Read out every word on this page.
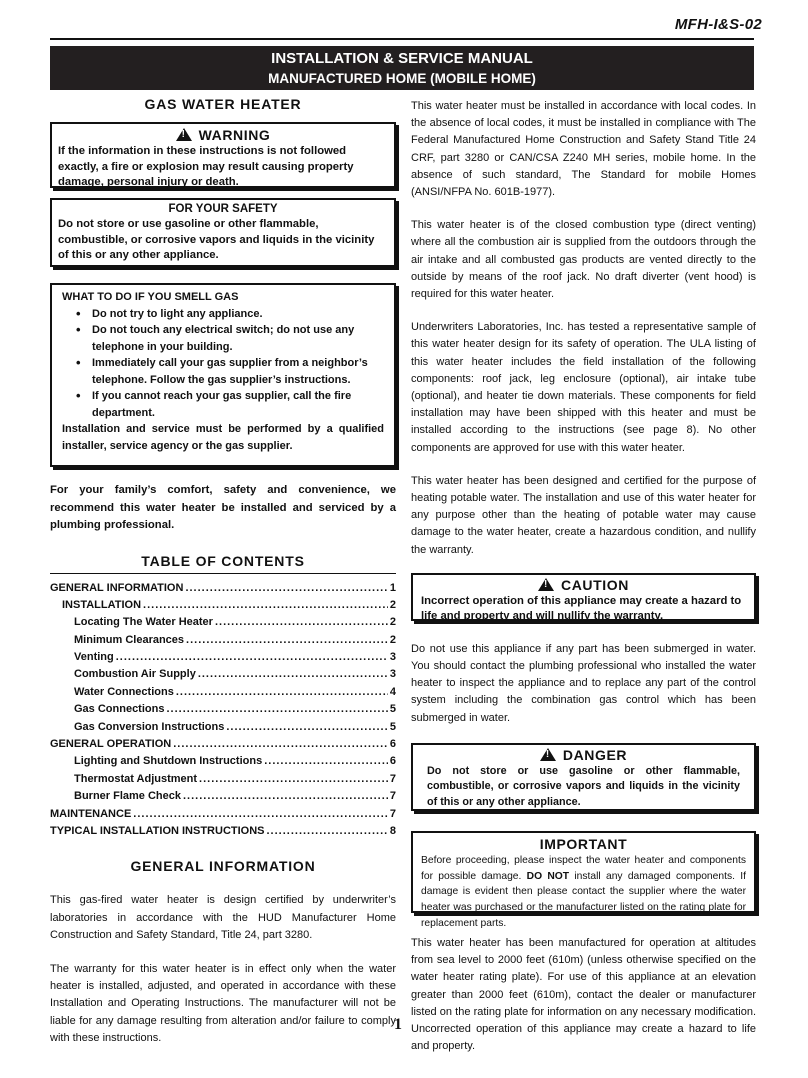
MFH-I&S-02
INSTALLATION & SERVICE MANUAL
MANUFACTURED HOME (MOBILE HOME)
GAS WATER HEATER
!WARNING
If the information in these instructions is not followed exactly, a fire or explosion may result causing property damage, personal injury or death.
FOR YOUR SAFETY
Do not store or use gasoline or other flammable, combustible, or corrosive vapors and liquids in the vicinity of this or any other appliance.
WHAT TO DO IF YOU SMELL GAS
• Do not try to light any appliance.
• Do not touch any electrical switch; do not use any telephone in your building.
• Immediately call your gas supplier from a neighbor’s telephone. Follow the gas supplier’s instructions.
• If you cannot reach your gas supplier, call the fire department.
Installation and service must be performed by a qualified installer, service agency or the gas supplier.
For your family’s comfort, safety and convenience, we recommend this water heater be installed and serviced by a plumbing professional.
TABLE OF CONTENTS
GENERAL INFORMATION .....	1
INSTALLATION .....	2
Locating The Water Heater .....	2
Minimum Clearances .....	2
Venting .....	3
Combustion Air Supply .....	3
Water Connections .....	4
Gas Connections .....	5
Gas Conversion Instructions .....	5
GENERAL OPERATION .....	6
Lighting and Shutdown Instructions .....	6
Thermostat Adjustment .....	7
Burner Flame Check .....	7
MAINTENANCE .....	7
TYPICAL INSTALLATION INSTRUCTIONS .....	8
GENERAL INFORMATION
This gas-fired water heater is design certified by underwriter’s laboratories in accordance with the HUD Manufacturer Home Construction and Safety Standard, Title 24, part 3280.
The warranty for this water heater is in effect only when the water heater is installed, adjusted, and operated in accordance with these Installation and Operating Instructions. The manufacturer will not be liable for any damage resulting from alteration and/or failure to comply with these instructions.
This water heater must be installed in accordance with local codes. In the absence of local codes, it must be installed in compliance with The Federal Manufactured Home Construction and Safety Stand Title 24 CRF, part 3280 or CAN/CSA Z240 MH series, mobile home. In the absence of such standard, The Standard for mobile Homes (ANSI/NFPA No. 601B-1977).
This water heater is of the closed combustion type (direct venting) where all the combustion air is supplied from the outdoors through the air intake and all combusted gas products are vented directly to the outside by means of the roof jack. No draft diverter (vent hood) is required for this water heater.
Underwriters Laboratories, Inc. has tested a representative sample of this water heater design for its safety of operation. The ULA listing of this water heater includes the field installation of the following components: roof jack, leg enclosure (optional), air intake tube (optional), and heater tie down materials. These components for field installation may have been shipped with this heater and must be installed according to the instructions (see page 8). No other components are approved for use with this water heater.
This water heater has been designed and certified for the purpose of heating potable water. The installation and use of this water heater for any purpose other than the heating of potable water may cause damage to the water heater, create a hazardous condition, and nullify the warranty.
!CAUTION
Incorrect operation of this appliance may create a hazard to life and property and will nullify the warranty.
Do not use this appliance if any part has been submerged in water. You should contact the plumbing professional who installed the water heater to inspect the appliance and to replace any part of the control system including the combination gas control which has been submerged in water.
!DANGER
Do not store or use gasoline or other flammable, combustible, or corrosive vapors and liquids in the vicinity of this or any other appliance.
IMPORTANT
Before proceeding, please inspect the water heater and components for possible damage. DO NOT install any damaged components. If damage is evident then please contact the supplier where the water heater was purchased or the manufacturer listed on the rating plate for replacement parts.
This water heater has been manufactured for operation at altitudes from sea level to 2000 feet (610m) (unless otherwise specified on the water heater rating plate). For use of this appliance at an elevation greater than 2000 feet (610m), contact the dealer or manufacturer listed on the rating plate for information on any necessary modification. Uncorrected operation of this appliance may create a hazard to life and property.
1
